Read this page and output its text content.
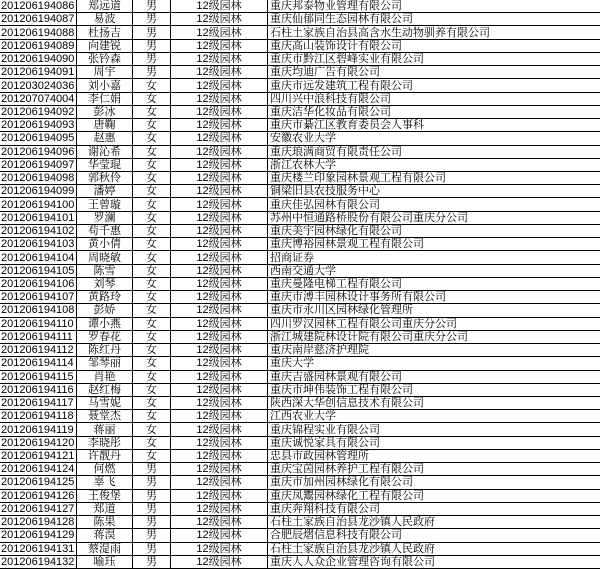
201206194086	郑远道	男	12级园林	重庆邦泰物业管理有限公司
201206194087	易波	男	12级园林	重庆仙郁同生态园林有限公司
201206194088	杜扬吉	男	12级园林	石柱土家族自治县高含水生动物驯养有限公司
201206194089	向建锐	男	12级园林	重庆高山装饰设计有限公司
201206194090	张钤森	男	12级园林	重庆市黔江区碧峰实业有限公司
201206194091	周宇	男	12级园林	重庆均迪广告有限公司
201203024036	刘小嘉	女	12级园林	重庆市远发建筑工程有限公司
201207074004	李仁娟	女	12级园林	四川兴中浪科技有限公司
201206194092	彭冰	女	12级园林	重庆洁华化妆品有限公司
201206194093	唐鞠	女	12级园林	重庆市綦江区教育委员会人事科
201206194095	赵惠	女	12级园林	安徽农业大学
201206194096	谢沁希	女	12级园林	重庆琅满商贸有限责任公司
201206194097	华莹琨	女	12级园林	浙江农林大学
201206194098	郭秋伶	女	12级园林	重庆楼兰印象园林景观工程有限公司
201206194099	潘婷	女	12级园林	铜梁旧县农技服务中心
201206194100	王曾璇	女	12级园林	重庆佳弘园林有限公司
201206194101	罗澜	女	12级园林	苏州中恒通路桥股份有限公司重庆分公司
201206194102	苟千惠	女	12级园林	重庆美宇园林绿化有限公司
201206194103	黄小倩	女	12级园林	重庆博裕园林景观工程有限公司
201206194104	周晓敏	女	12级园林	招商证券
201206194105	陈雪	女	12级园林	西南交通大学
201206194106	刘琴	女	12级园林	重庆曼隆电梯工程有限公司
201206194107	黄路玲	女	12级园林	重庆市溥丰园林设计事务所有限公司
201206194108	彭娇	女	12级园林	重庆市永川区园林绿化管理所
201206194110	谭小燕	女	12级园林	四川罗汉园林工程有限公司重庆分公司
201206194111	罗春花	女	12级园林	浙江城建院林设计院有限公司重庆分公司
201206194112	陈红丹	女	12级园林	重庆南岸慈济护理院
201206194114	邹琴丽	女	12级园林	重庆大学
201206194115	肖艳	女	12级园林	重庆吉盛园林景观有限公司
201206194116	赵红梅	女	12级园林	重庆市坤伟装饰工程有限公司
201206194117	马雪妮	女	12级园林	陕西深大华创信息技术有限公司
201206194118	聂堂杰	女	12级园林	江西农业大学
201206194119	蒋丽	女	12级园林	重庆锦程实业有限公司
201206194120	李晓彤	女	12级园林	重庆诚悦家具有限公司
201206194121	许靓丹	女	12级园林	忠县市政园林管理所
201206194124	何燃	男	12级园林	重庆宝茵园林养护工程有限公司
201206194125	辜飞	男	12级园林	重庆市加州园林绿化有限公司
201206194126	王俊堡	男	12级园林	重庆凤鬻园林绿化工程有限公司
201206194127	郑道	男	12级园林	重庆奔翔科技有限公司
201206194128	陈果	男	12级园林	石柱土家族自治县龙沙镇人民政府
201206194129	蒋淏	男	12级园林	合肥辰熠信息科技有限公司
201206194131	蔡湜雨	男	12级园林	石柱土家族自治县龙沙镇人民政府
201206194132	喻珏	男	12级园林	重庆人人众企业管理咨询有限公司
